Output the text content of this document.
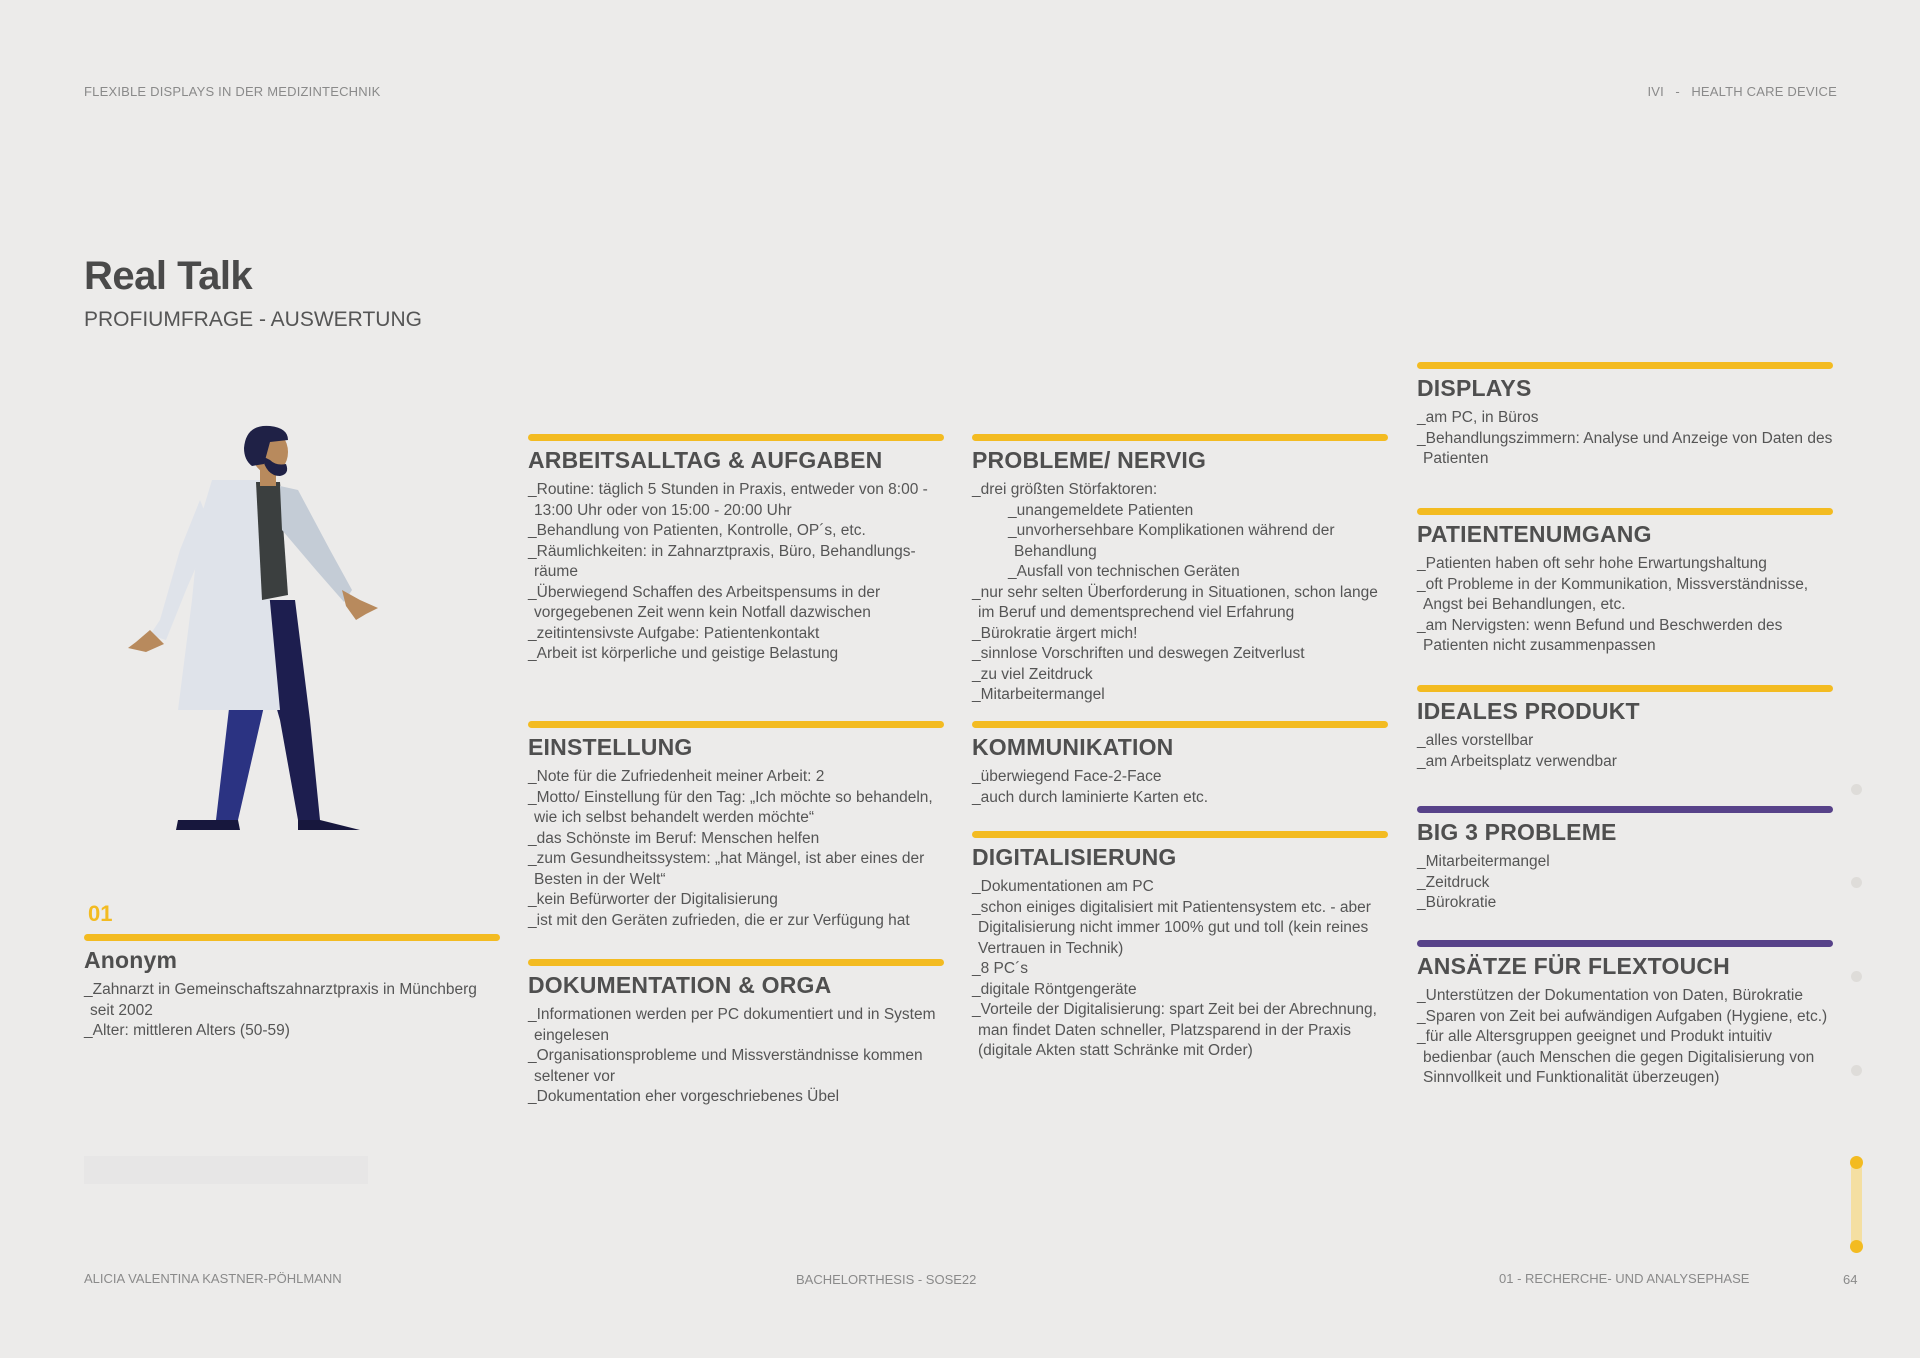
FLEXIBLE DISPLAYS IN DER MEDIZINTECHNIK	IVI   -   HEALTH CARE DEVICE
Real Talk
PROFIUMFRAGE - AUSWERTUNG
01
Anonym
_Zahnarzt in Gemeinschaftszahnarztpraxis in Münchberg seit 2002
_Alter: mittleren Alters (50-59)
ARBEITSALLTAG & AUFGABEN
_Routine: täglich 5 Stunden in Praxis, entweder von 8:00 - 13:00 Uhr oder von 15:00 - 20:00 Uhr
_Behandlung von Patienten, Kontrolle, OP´s, etc.
_Räumlichkeiten: in Zahnarztpraxis, Büro, Behandlungs-räume
_Überwiegend Schaffen des Arbeitspensums in der vorgegebenen Zeit wenn kein Notfall dazwischen
_zeitintensivste Aufgabe: Patientenkontakt
_Arbeit ist körperliche und geistige Belastung
EINSTELLUNG
_Note für die Zufriedenheit meiner Arbeit: 2
_Motto/ Einstellung für den Tag: „Ich möchte so behandeln, wie ich selbst behandelt werden möchte“
_das Schönste im Beruf: Menschen helfen
_zum Gesundheitssystem: „hat Mängel, ist aber eines der Besten in der Welt“
_kein Befürworter der Digitalisierung
_ist mit den Geräten zufrieden, die er zur Verfügung hat
DOKUMENTATION & ORGA
_Informationen werden per PC dokumentiert und in System eingelesen
_Organisationsprobleme und Missverständnisse kommen seltener vor
_Dokumentation eher vorgeschriebenes Übel
PROBLEME/ NERVIG
_drei größten Störfaktoren:
_unangemeldete Patienten
_unvorhersehbare Komplikationen während der Behandlung
_Ausfall von technischen Geräten
_nur sehr selten Überforderung in Situationen, schon lange im Beruf und dementsprechend viel Erfahrung
_Bürokratie ärgert mich!
_sinnlose Vorschriften und deswegen Zeitverlust
_zu viel Zeitdruck
_Mitarbeitermangel
KOMMUNIKATION
_überwiegend Face-2-Face
_auch durch laminierte Karten etc.
DIGITALISIERUNG
_Dokumentationen am PC
_schon einiges digitalisiert mit Patientensystem etc. - aber Digitalisierung nicht immer 100% gut und toll (kein reines Vertrauen in Technik)
_8 PC´s
_digitale Röntgengeräte
_Vorteile der Digitalisierung: spart Zeit bei der Abrechnung, man findet Daten schneller, Platzsparend in der Praxis (digitale Akten statt Schränke mit Order)
DISPLAYS
_am PC, in Büros
_Behandlungszimmern: Analyse und Anzeige von Daten des Patienten
PATIENTENUMGANG
_Patienten haben oft sehr hohe Erwartungshaltung
_oft Probleme in der Kommunikation, Missverständnisse, Angst bei Behandlungen, etc.
_am Nervigsten: wenn Befund und Beschwerden des Patienten nicht zusammenpassen
IDEALES PRODUKT
_alles vorstellbar
_am Arbeitsplatz verwendbar
BIG 3 PROBLEME
_Mitarbeitermangel
_Zeitdruck
_Bürokratie
ANSÄTZE FÜR FLEXTOUCH
_Unterstützen der Dokumentation von Daten, Bürokratie
_Sparen von Zeit bei aufwändigen Aufgaben (Hygiene, etc.)
_für alle Altersgruppen geeignet und Produkt intuitiv bedienbar (auch Menschen die gegen Digitalisierung von Sinnvollkeit und Funktionalität überzeugen)
ALICIA VALENTINA KASTNER-PÖHLMANN	BACHELORTHESIS - SOSE22	01 - RECHERCHE- UND ANALYSEPHASE	64
